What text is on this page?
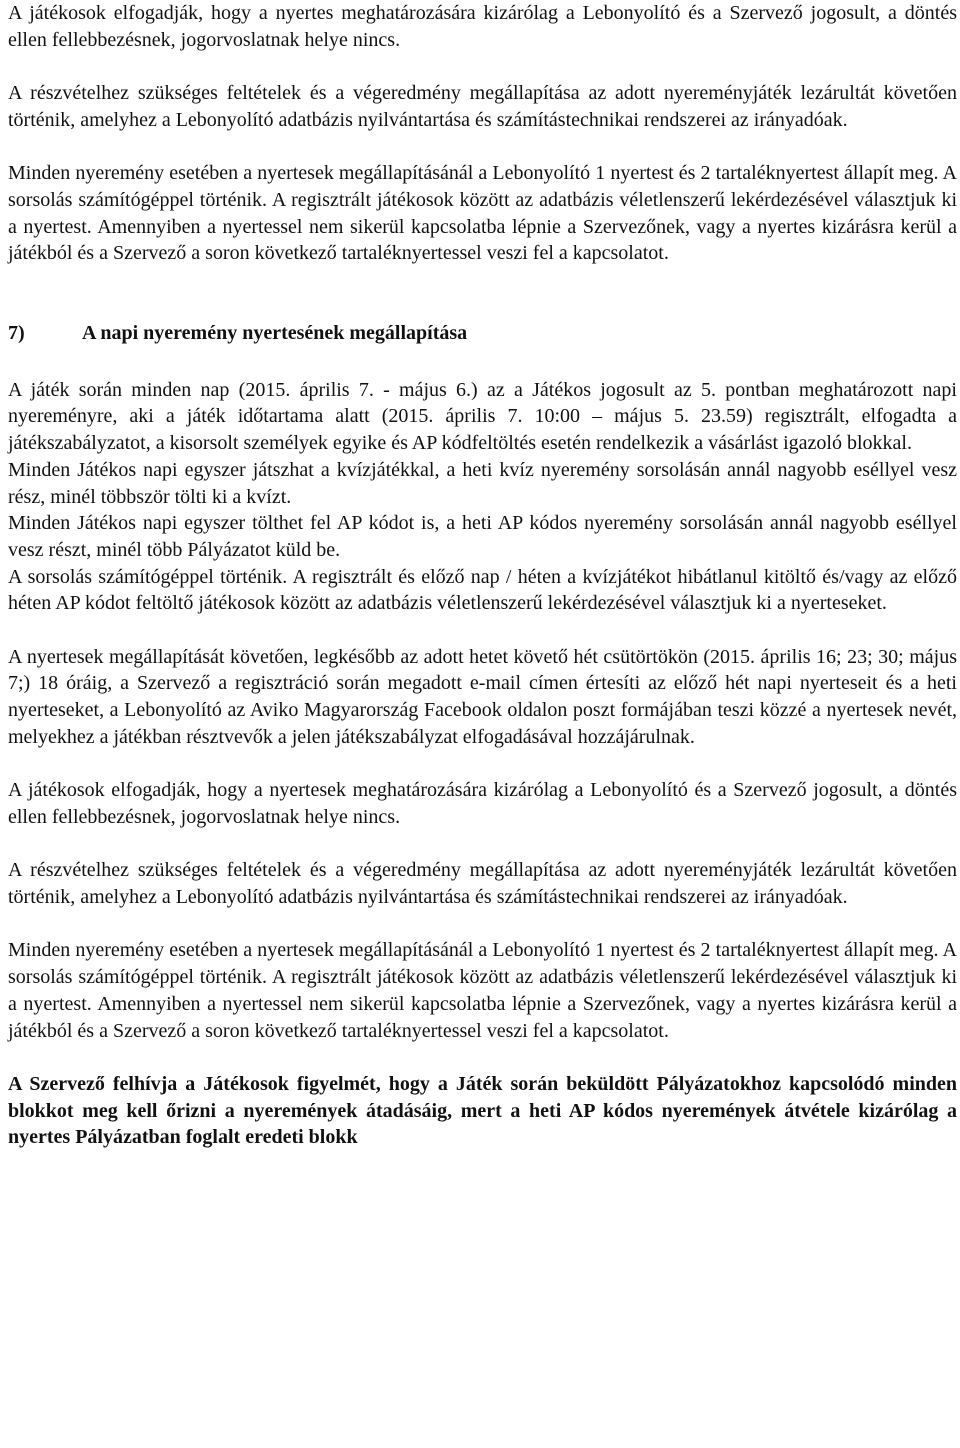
A játékosok elfogadják, hogy a nyertes meghatározására kizárólag a Lebonyolító és a Szervező jogosult, a döntés ellen fellebbezésnek, jogorvoslatnak helye nincs.

A részvételhez szükséges feltételek és a végeredmény megállapítása az adott nyereményjáték lezárultát követően történik, amelyhez a Lebonyolító adatbázis nyilvántartása és számítástechnikai rendszerei az irányadóak.

Minden nyeremény esetében a nyertesek megállapításánál a Lebonyolító 1 nyertest és 2 tartaléknyertest állapít meg. A sorsolás számítógéppel történik. A regisztrált játékosok között az adatbázis véletlenszerű lekérdezésével választjuk ki a nyertest. Amennyiben a nyertessel nem sikerül kapcsolatba lépnie a Szervezőnek, vagy a nyertes kizárásra kerül a játékból és a Szervező a soron következő tartaléknyertessel veszi fel a kapcsolatot.

7)	A napi nyeremény nyertesének megállapítása

A játék során minden nap (2015. április 7. - május 6.) az a Játékos jogosult az 5. pontban meghatározott napi nyereményre, aki a játék időtartama alatt (2015. április 7. 10:00 – május 5. 23.59) regisztrált, elfogadta a játékszabályzatot, a kisorsolt személyek egyike és AP kódfeltöltés esetén rendelkezik a vásárlást igazoló blokkal.

Minden Játékos napi egyszer játszhat a kvízjátékkal, a heti kvíz nyeremény sorsolásán annál nagyobb eséllyel vesz rész, minél többször tölti ki a kvízt.

Minden Játékos napi egyszer tölthet fel AP kódot is, a heti AP kódos nyeremény sorsolásán annál nagyobb eséllyel vesz részt, minél több Pályázatot küld be.

A sorsolás számítógéppel történik. A regisztrált és előző nap / héten a kvízjátékot hibátlanul kitöltő és/vagy az előző héten AP kódot feltöltő játékosok között az adatbázis véletlenszerű lekérdezésével választjuk ki a nyerteseket.

A nyertesek megállapítását követően, legkésőbb az adott hetet követő hét csütörtökön (2015. április 16; 23; 30; május 7;) 18 óráig, a Szervező a regisztráció során megadott e-mail címen értesíti az előző hét napi nyerteseit és a heti nyerteseket, a Lebonyolító az Aviko Magyarország Facebook oldalon poszt formájában teszi közzé a nyertesek nevét, melyekhez a játékban résztvevők a jelen játékszabályzat elfogadásával hozzájárulnak.

A játékosok elfogadják, hogy a nyertesek meghatározására kizárólag a Lebonyolító és a Szervező jogosult, a döntés ellen fellebbezésnek, jogorvoslatnak helye nincs.

A részvételhez szükséges feltételek és a végeredmény megállapítása az adott nyereményjáték lezárultát követően történik, amelyhez a Lebonyolító adatbázis nyilvántartása és számítástechnikai rendszerei az irányadóak.

Minden nyeremény esetében a nyertesek megállapításánál a Lebonyolító 1 nyertest és 2 tartaléknyertest állapít meg. A sorsolás számítógéppel történik. A regisztrált játékosok között az adatbázis véletlenszerű lekérdezésével választjuk ki a nyertest. Amennyiben a nyertessel nem sikerül kapcsolatba lépnie a Szervezőnek, vagy a nyertes kizárásra kerül a játékból és a Szervező a soron következő tartaléknyertessel veszi fel a kapcsolatot.

A Szervező felhívja a Játékosok figyelmét, hogy a Játék során beküldött Pályázatokhoz kapcsolódó minden blokkot meg kell őrizni a nyeremények átadásáig, mert a heti AP kódos nyeremények átvétele kizárólag a nyertes Pályázatban foglalt eredeti blokk
